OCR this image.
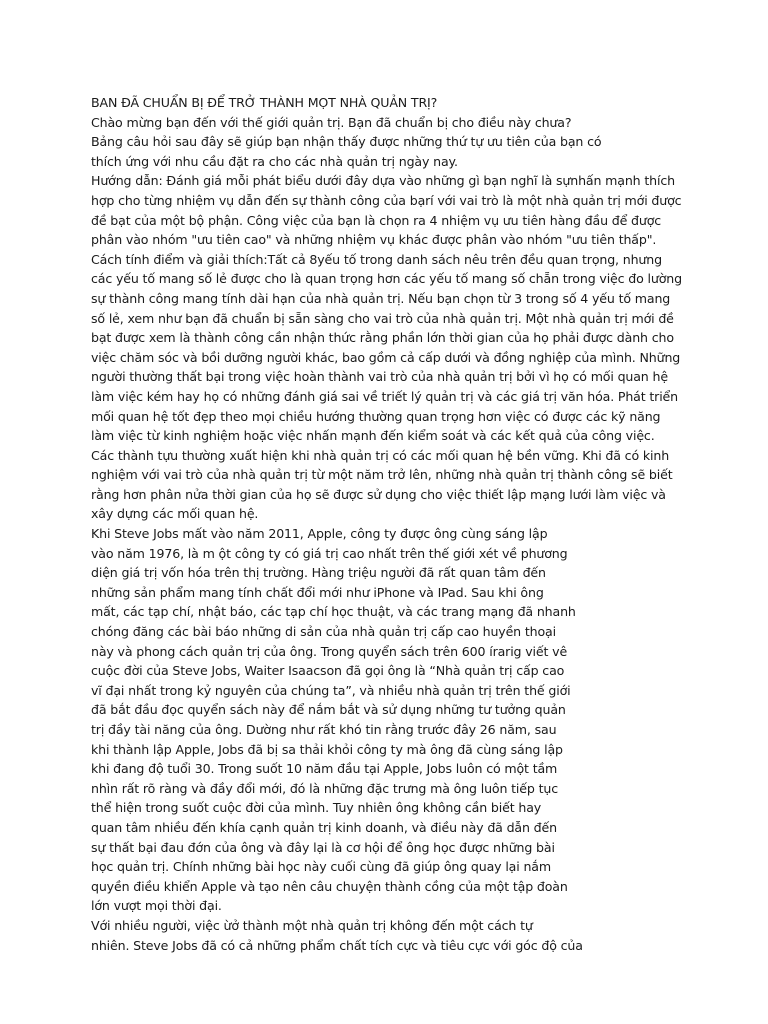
BAN ĐÃ CHUẨN BỊ ĐỂ TRỞ THÀNH MỌT NHÀ QUẢN TRỊ?
Chào mừng bạn đến với thế giới quản trị. Bạn đã chuẩn bị cho điều này chưa?
Bảng câu hỏi sau đây sẽ giúp bạn nhận thấy được những thứ tự ưu tiên của bạn có
thích ứng với nhu cầu đặt ra cho các nhà quản trị ngày nay.
Hướng dẫn: Đánh giá mỗi phát biểu dưới đây dựa vào những gì bạn nghĩ là sựnhấn mạnh thích
hợp cho từng nhiệm vụ dẫn đến sự thành công của bạrí với vai trò là một nhà quản trị mới được
đề bạt của một bộ phận. Công việc của bạn là chọn ra 4 nhiệm vụ ưu tiên hàng đầu để được
phân vào nhóm "ưu tiên cao" và những nhiệm vụ khác được phân vào nhóm "ưu tiên thấp".
Cách tính điểm và giải thích:Tất cả 8yếu tố trong danh sách nêu trên đều quan trọng, nhưng
các yếu tố mang số lẻ được cho là quan trọng hơn các yếu tố mang số chẵn trong việc đo lường
sự thành công mang tính dài hạn của nhà quản trị. Nếu bạn chọn từ 3 trong số 4 yếu tố mang
số lẻ, xem như bạn đã chuẩn bị sẵn sàng cho vai trò của nhà quản trị. Một nhà quản trị mới đề
bạt được xem là thành công cần nhận thức rằng phần lớn thời gian của họ phải được dành cho
việc chăm sóc và bồi dưỡng người khác, bao gồm cả cấp dưới và đồng nghiệp của mình. Những
người thường thất bại trong việc hoàn thành vai trò của nhà quản trị bởi vì họ có mối quan hệ
làm việc kém hay họ có những đánh giá sai về triết lý quản trị và các giá trị văn hóa. Phát triển
mối quan hệ tốt đẹp theo mọi chiều hướng thường quan trọng hơn việc có được các kỹ năng
làm việc từ kinh nghiệm hoặc việc nhấn mạnh đến kiểm soát và các kết quả của công việc.
Các thành tựu thường xuất hiện khi nhà quản trị có các mối quan hệ bền vững. Khi đã có kinh
nghiệm với vai trò của nhà quản trị từ một năm trở lên, những nhà quản trị thành công sẽ biết
rằng hơn phân nửa thời gian của họ sẽ được sử dụng cho việc thiết lập mạng lưới làm việc và
xây dựng các mối quan hệ.
Khi Steve Jobs mất vào năm 2011, Apple, công ty được ông cùng sáng lập
vào năm 1976, là m ột công ty có giá trị cao nhất trên thế giới xét về phương
diện giá trị vốn hóa trên thị trường. Hàng triệu người đã rất quan tâm đến
những sản phẩm mang tính chất đổi mới như iPhone và IPad. Sau khi ông
mất, các tạp chí, nhật báo, các tạp chí học thuật, và các trang mạng đã nhanh
chóng đăng các bài báo những di sản của nhà quản trị cấp cao huyền thoại
này và phong cách quản trị của ông. Trong quyển sách trên 600 írarig viết vê
cuộc đời của Steve Jobs, Waiter Isaacson đã gọi ông là “Nhà quản trị cấp cao
vĩ đại nhất trong kỷ nguyên của chúng ta”, và nhiều nhà quản trị trên thế giới
đã bắt đầu đọc quyển sách này để nắm bắt và sử dụng những tư tưởng quản
trị đầy tài năng của ông. Dường như rất khó tin rằng trước đây 26 năm, sau
khi thành lập Apple, Jobs đã bị sa thải khỏi công ty mà ông đã cùng sáng lập
khi đang độ tuổi 30. Trong suốt 10 năm đầu tại Apple, Jobs luôn có một tầm
nhìn rất rõ ràng và đầy đổi mới, đó là những đặc trưng mà ông luôn tiếp tục
thể hiện trong suốt cuộc đời của mình. Tuy nhiên ông không cần biết hay
quan tâm nhiều đến khía cạnh quản trị kinh doanh, và điều này đã dẫn đến
sự thất bại đau đớn của ông và đây lại là cơ hội để ông học được những bài
học quản trị. Chính những bài học này cuối cùng đã giúp ông quay lại nắm
quyền điều khiển Apple và tạo nên câu chuyện thành cồng của một tập đoàn
lớn vượt mọi thời đại.
Với nhiều người, việc ừở thành một nhà quản trị không đến một cách tự
nhiên. Steve Jobs đã có cả những phẩm chất tích cực và tiêu cực với góc độ của
